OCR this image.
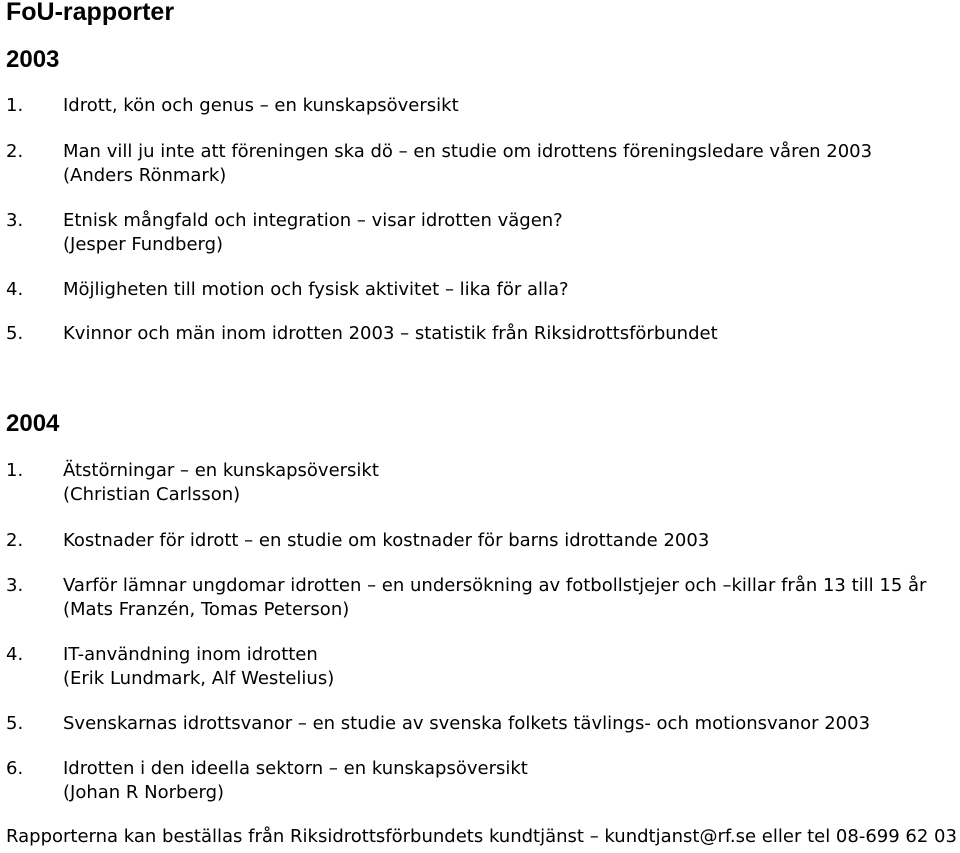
FoU-rapporter
2003
1. Idrott, kön och genus – en kunskapsöversikt
2. Man vill ju inte att föreningen ska dö – en studie om idrottens föreningsledare våren 2003
(Anders Rönmark)
3. Etnisk mångfald och integration – visar idrotten vägen?
(Jesper Fundberg)
4. Möjligheten till motion och fysisk aktivitet – lika för alla?
5. Kvinnor och män inom idrotten 2003 – statistik från Riksidrottsförbundet
2004
1. Ätstörningar – en kunskapsöversikt
(Christian Carlsson)
2. Kostnader för idrott – en studie om kostnader för barns idrottande 2003
3. Varför lämnar ungdomar idrotten – en undersökning av fotbollstjejer och –killar från 13 till 15 år
(Mats Franzén, Tomas Peterson)
4. IT-användning inom idrotten
(Erik Lundmark, Alf Westelius)
5. Svenskarnas idrottsvanor – en studie av svenska folkets tävlings- och motionsvanor 2003
6. Idrotten i den ideella sektorn – en kunskapsöversikt
(Johan R Norberg)
Rapporterna kan beställas från Riksidrottsförbundets kundtjänst – kundtjanst@rf.se eller tel 08-699 62 03
